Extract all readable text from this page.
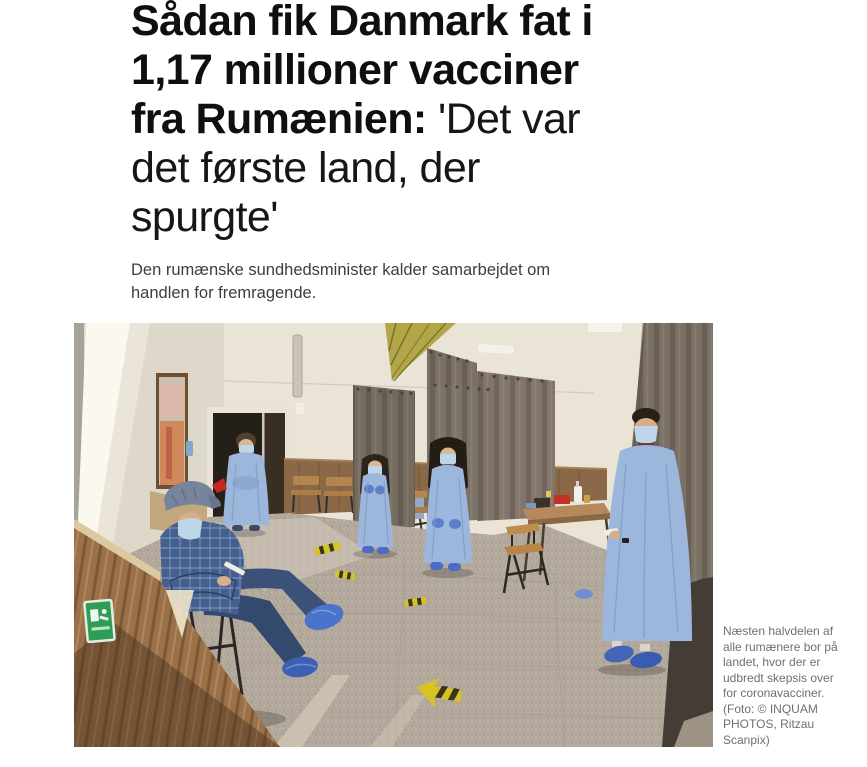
Sådan fik Danmark fat i 1,17 millioner vacciner fra Rumænien: 'Det var det første land, der spurgte'

Den rumænske sundhedsminister kalder samarbejdet om handlen for fremragende.

Næsten halvdelen af alle rumænere bor på landet, hvor der er udbredt skepsis over for coronavacciner. (Foto: © INQUAM PHOTOS, Ritzau Scanpix)
